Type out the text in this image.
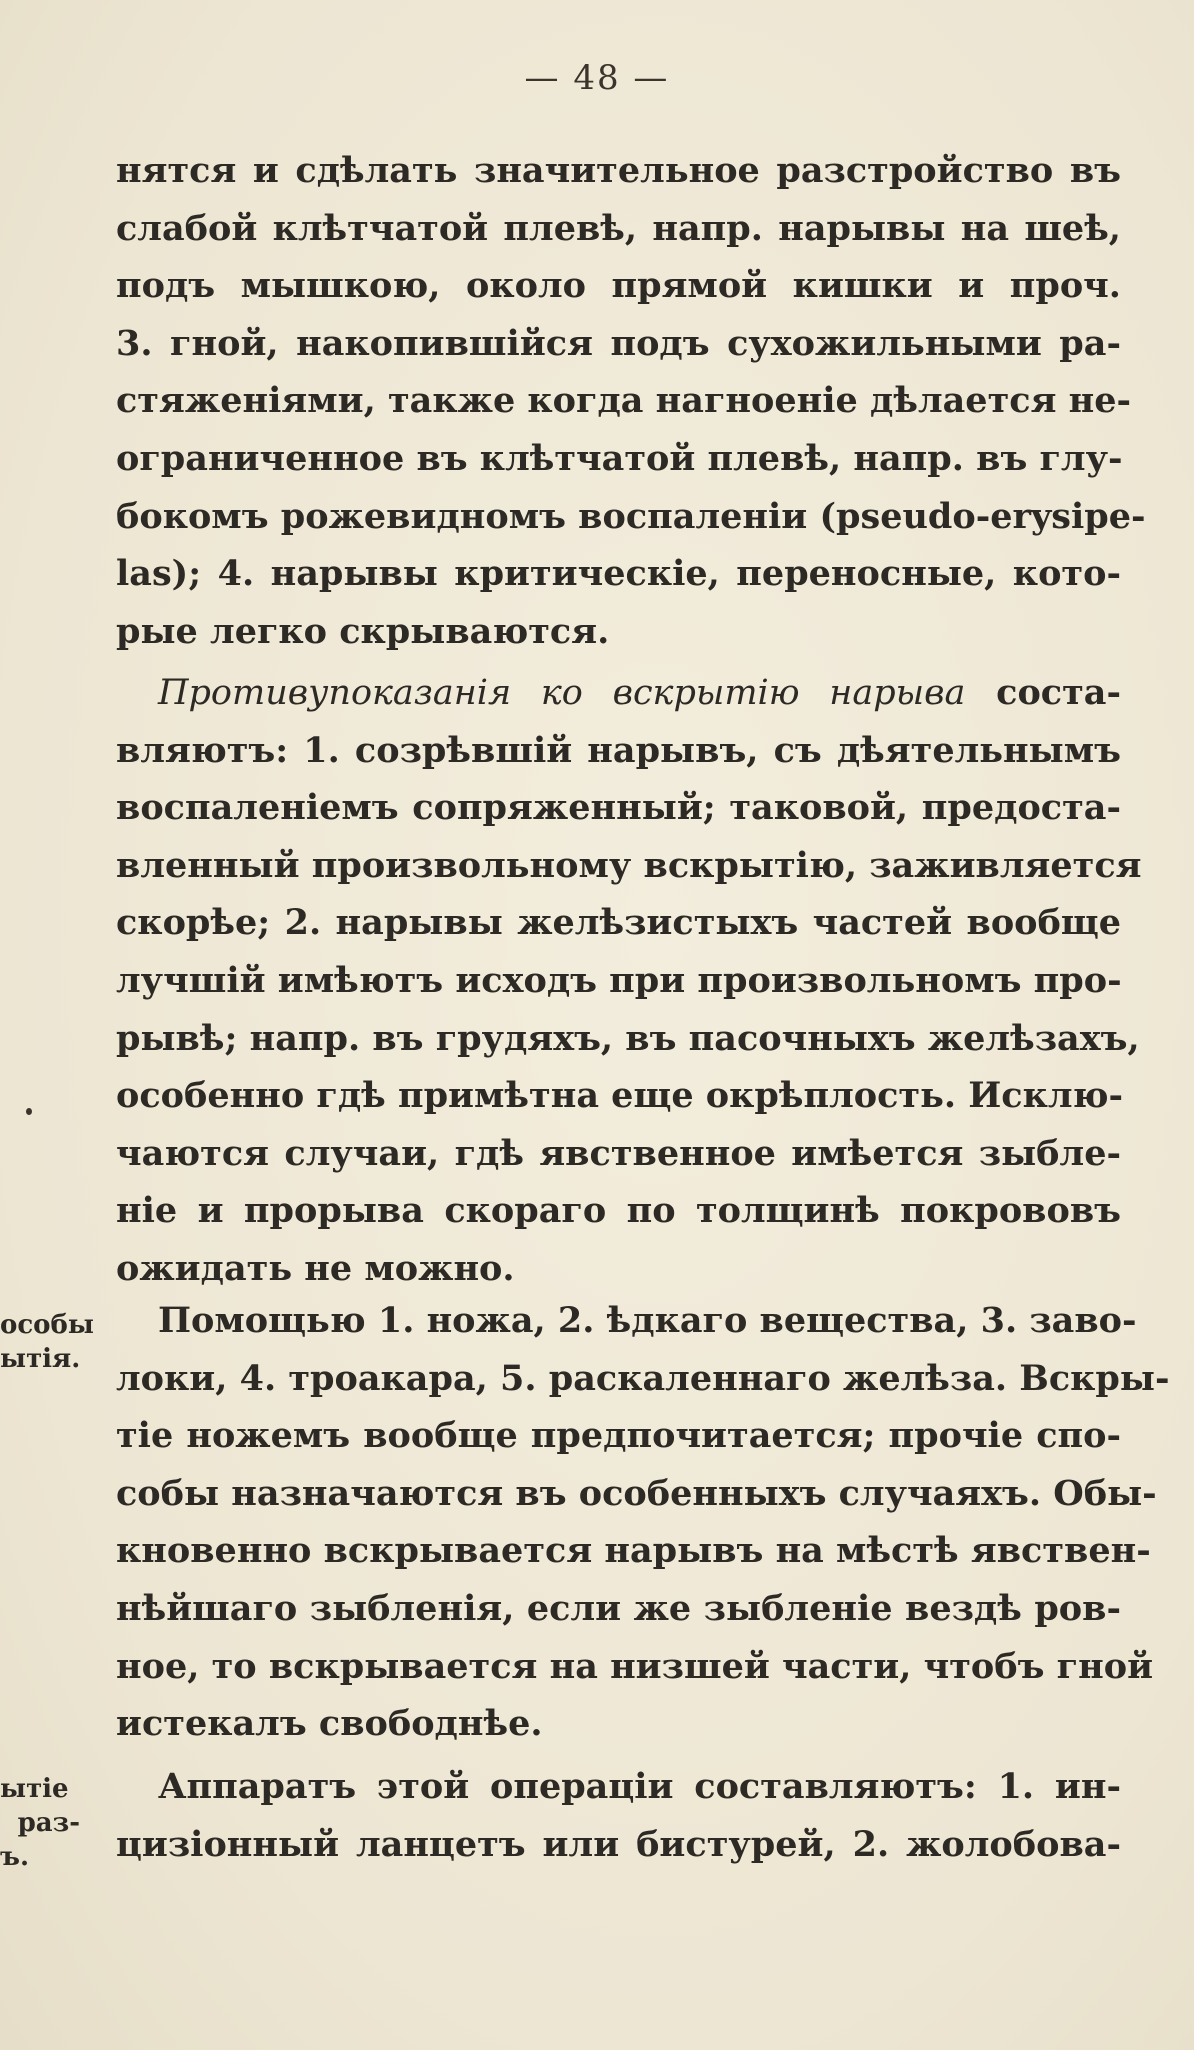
— 48 —
нятся и сдѣлать значительное разстройство въ
слабой клѣтчатой плевѣ, напр. нарывы на шеѣ,
подъ мышкою, около прямой кишки и проч.
3. гной, накопившійся подъ сухожильными ра-
стяженіями, также когда нагноеніе дѣлается не-
ограниченное въ клѣтчатой плевѣ, напр. въ глу-
бокомъ рожевидномъ воспаленіи (pseudo-erysipe-
las); 4. нарывы критическіе, переносные, кото-
рые легко скрываются.
Противупоказанія ко вскрытію нарыва соста-
вляютъ: 1. созрѣвшій нарывъ, съ дѣятельнымъ
воспаленіемъ сопряженный; таковой, предоста-
вленный произвольному вскрытію, заживляется
скорѣе; 2. нарывы желѣзистыхъ частей вообще
лучшій имѣютъ исходъ при произвольномъ про-
рывѣ; напр. въ грудяхъ, въ пасочныхъ желѣзахъ,
особенно гдѣ примѣтна еще окрѣплость. Исклю-
чаются случаи, гдѣ явственное имѣется зыбле-
ніе и прорыва скораго по толщинѣ покрововъ
ожидать не можно.
Помощью 1. ножа, 2. ѣдкаго вещества, 3. заво-
локи, 4. троакара, 5. раскаленнаго желѣза. Вскры-
тіе ножемъ вообще предпочитается; прочіе спо-
собы назначаются въ особенныхъ случаяхъ. Обы-
кновенно вскрывается нарывъ на мѣстѣ явствен-
нѣйшаго зыбленія, если же зыбленіе вездѣ ров-
ное, то вскрывается на низшей части, чтобъ гной
истекалъ свободнѣе.
Аппаратъ этой операціи составляютъ: 1. ин-
цизіонный ланцетъ или бистурей, 2. жолобова-
особы
ытія.
ытіе
раз-
ъ.
